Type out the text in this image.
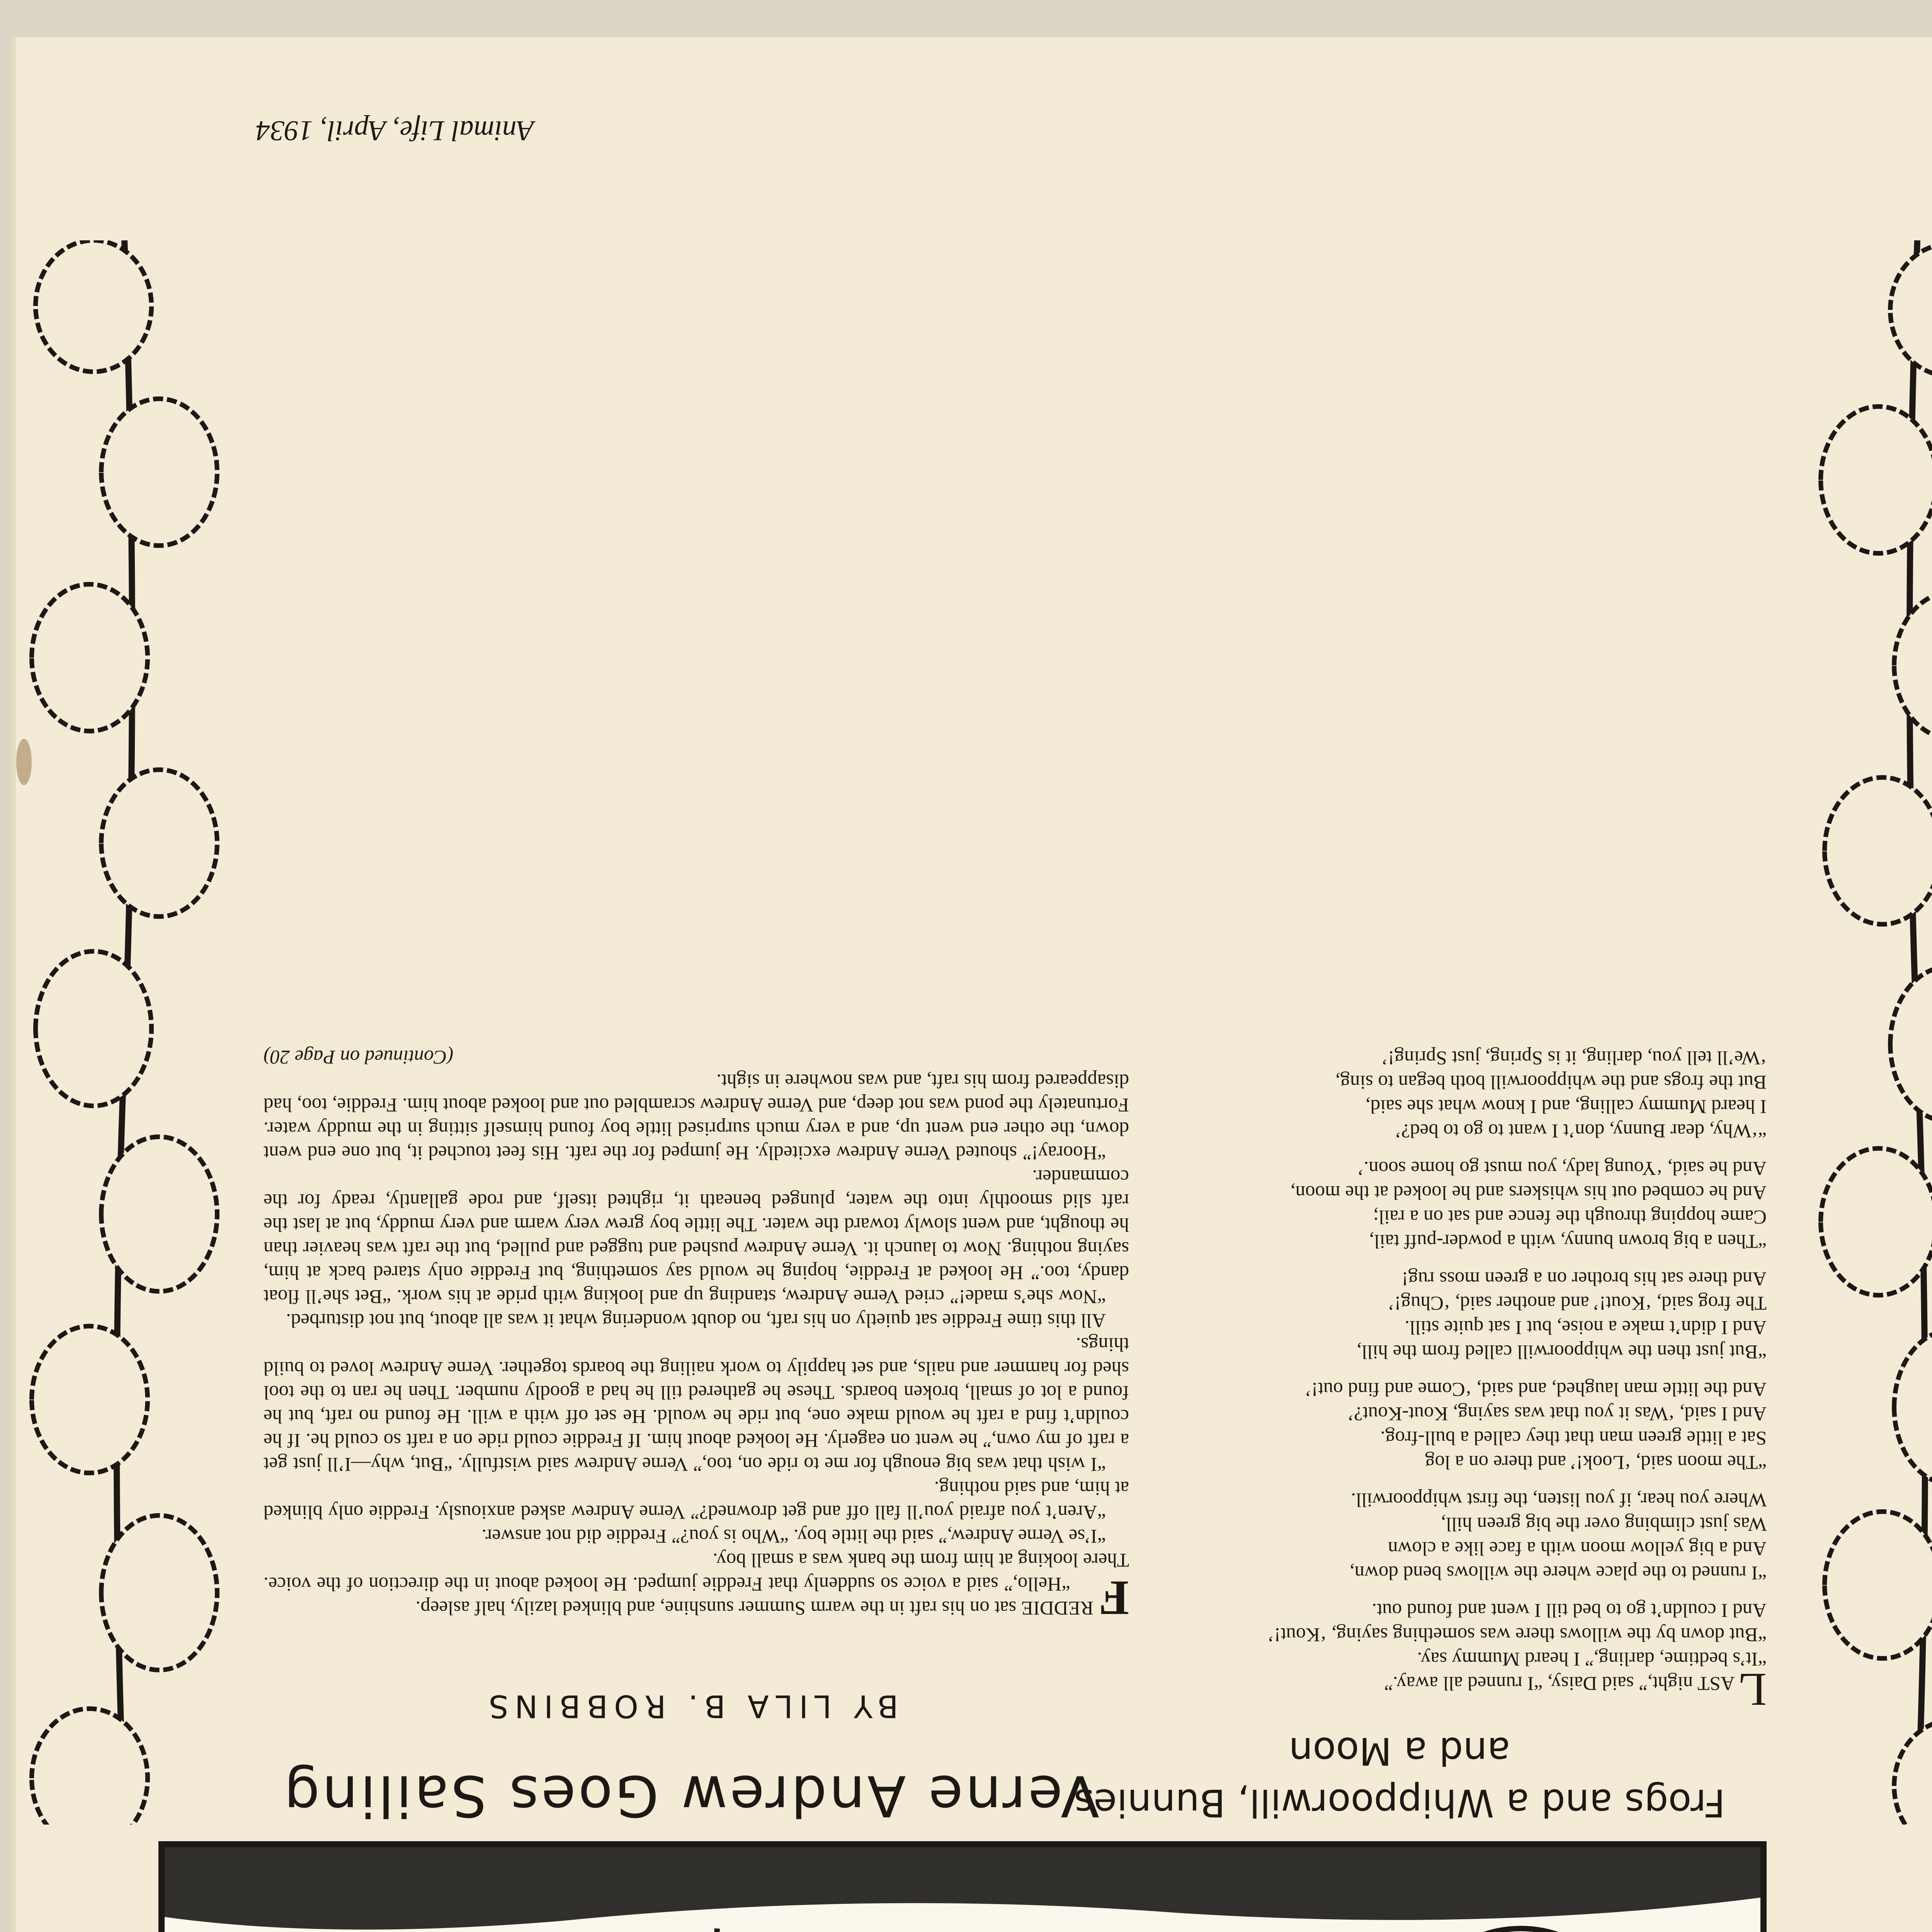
Frogs and a Whippoorwill, Bunnies and a Moon
Verne Andrew Goes Sailing
BY LILA B. ROBBINS	LAST night,” said Daisy, “I runned all away.”
“It’s bedtime, darling,” I heard Mummy say.
“But down by the willows there was something saying, ‘Kout!’
And I couldn’t go to bed till I went and found out.
“I runned to the place where the willows bend down,
And a big yellow moon with a face like a clown
Was just climbing over the big green hill,
Where you hear, if you listen, the first whippoorwill.
“The moon said, ‘Look!’ and there on a log
Sat a little green man that they called a bull-frog.
And I said, ‘Was it you that was saying, Kout-Kout?’
And the little man laughed, and said, ‘Come and find out!’
“But just then the whippoorwill called from the hill,
And I didn’t make a noise, but I sat quite still.
The frog said, ‘Kout!’ and another said, ‘Chug!’
And there sat his brother on a green moss rug!
“Then a big brown bunny, with a powder-puff tail,
Came hopping through the fence and sat on a rail;
And he combed out his whiskers and he looked at the moon,
And he said, ‘Young lady, you must go home soon.’
“‘Why, dear Bunny, don’t I want to go to bed?’
I heard Mummy calling, and I know what she said,
But the frogs and the whippoorwill both began to sing,
‘We’ll tell you, darling, it is Spring, just Spring!’

F
REDDIE sat on his raft in the warm Summer sunshine, and blinked lazily, half asleep.

“Hello,” said a voice so suddenly that Freddie jumped. He looked about in the direction of the voice. There looking at him from the bank was a small boy.

“I’se Verne Andrew,” said the little boy. “Who is you?” Freddie did not answer.

“Aren’t you afraid you’ll fall off and get drowned?” Verne Andrew asked anxiously. Freddie only blinked at him, and said nothing.

“I wish that was big enough for me to ride on, too,” Verne Andrew said wistfully. “But, why—I’ll just get a raft of my own,” he went on eagerly. He looked about him. If Freddie could ride on a raft so could he. If he couldn’t find a raft he would make one, but ride he would. He set off with a will. He found no raft, but he found a lot of small, broken boards. These he gathered till he had a goodly number. Then he ran to the tool shed for hammer and nails, and set happily to work nailing the boards together. Verne Andrew loved to build things.

All this time Freddie sat quietly on his raft, no doubt wondering what it was all about, but not disturbed.

“Now she’s made!” cried Verne Andrew, standing up and looking with pride at his work. “Bet she’ll float dandy, too.” He looked at Freddie, hoping he would say something, but Freddie only stared back at him, saying nothing. Now to launch it. Verne Andrew pushed and tugged and pulled, but the raft was heavier than he thought, and went slowly toward the water. The little boy grew very warm and very muddy, but at last the raft slid smoothly into the water, plunged beneath it, righted itself, and rode gallantly, ready for the commander.

“Hooray!” shouted Verne Andrew excitedly. He jumped for the raft. His feet touched it, but one end went down, the other end went up, and a very much surprised little boy found himself sitting in the muddy water. Fortunately the pond was not deep, and Verne Andrew scrambled out and looked about him. Freddie, too, had disappeared from his raft, and was nowhere in sight.

(Continued on Page 20)

Animal Life, April, 1934
